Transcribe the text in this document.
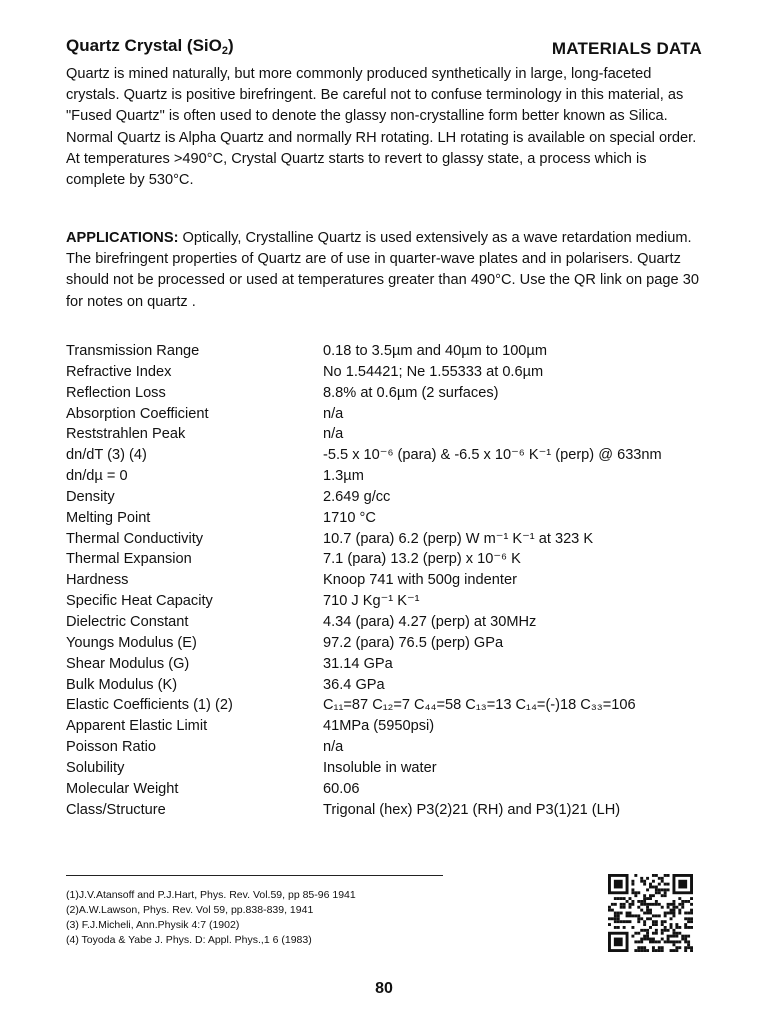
Quartz Crystal (SiO$_2$)	MATERIALS DATA

Quartz is mined naturally, but more commonly produced synthetically in large, long-faceted crystals. Quartz is positive birefringent. Be careful not to confuse terminology in this material, as "Fused Quartz" is often used to denote the glassy non-crystalline form better known as Silica. Normal Quartz is Alpha Quartz and normally RH rotating. LH rotating is available on special order. At temperatures >490°C, Crystal Quartz starts to revert to glassy state, a process which is complete by 530°C.

APPLICATIONS: Optically, Crystalline Quartz is used extensively as a wave retardation medium. The birefringent properties of Quartz are of use in quarter-wave plates and in polarisers. Quartz should not be processed or used at temperatures greater than 490°C. Use the QR link on page 30 for notes on quartz .

Transmission Range	0.18 to 3.5µm and 40µm to 100µm
Refractive Index	No 1.54421; Ne 1.55333 at 0.6µm
Reflection Loss	8.8% at 0.6µm (2 surfaces)
Absorption Coefficient	n/a
Reststrahlen Peak	n/a
dn/dT (3) (4)	-5.5 x 10⁻⁶ (para) & -6.5 x 10⁻⁶ K⁻¹ (perp) @ 633nm
dn/dµ = 0	1.3µm
Density	2.649 g/cc
Melting Point	1710 °C
Thermal Conductivity	10.7 (para) 6.2 (perp) W m⁻¹ K⁻¹ at 323 K
Thermal Expansion	7.1 (para) 13.2 (perp) x 10⁻⁶ K
Hardness	Knoop 741 with 500g indenter
Specific Heat Capacity	710 J Kg⁻¹ K⁻¹
Dielectric Constant	4.34 (para) 4.27 (perp) at 30MHz
Youngs Modulus (E)	97.2 (para) 76.5 (perp) GPa
Shear Modulus (G)	31.14 GPa
Bulk Modulus (K)	36.4 GPa
Elastic Coefficients (1) (2)	C₁₁=87 C₁₂=7 C₄₄=58 C₁₃=13 C₁₄=(-)18 C₃₃=106
Apparent Elastic Limit	41MPa (5950psi)
Poisson Ratio	n/a
Solubility	Insoluble in water
Molecular Weight	60.06
Class/Structure	Trigonal (hex) P3(2)21 (RH) and P3(1)21 (LH)
(1)J.V.Atansoff and P.J.Hart, Phys. Rev. Vol.59, pp 85-96 1941
(2)A.W.Lawson, Phys. Rev. Vol 59, pp.838-839, 1941
(3) F.J.Micheli, Ann.Physik 4:7 (1902)
(4) Toyoda & Yabe J. Phys. D: Appl. Phys.,1 6 (1983)
80
